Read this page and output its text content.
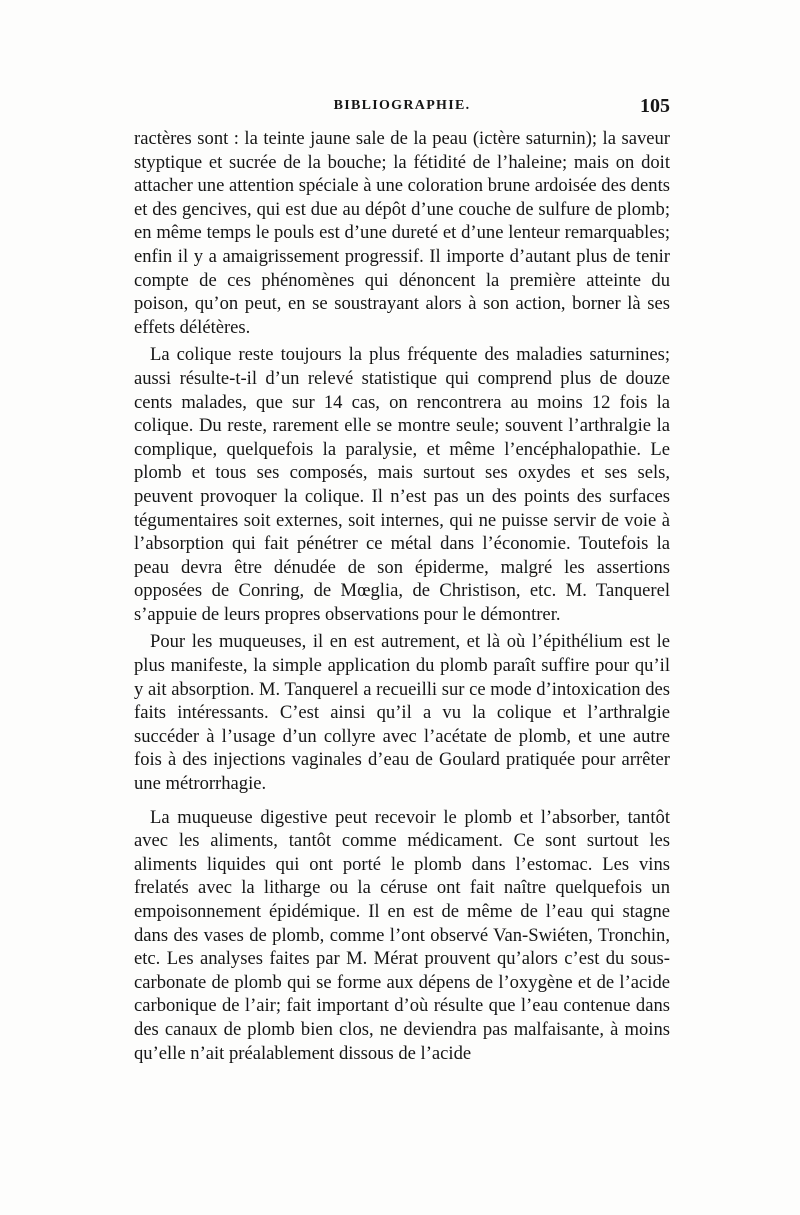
BIBLIOGRAPHIE.	105

ractères sont : la teinte jaune sale de la peau (ictère saturnin); la saveur styptique et sucrée de la bouche; la fétidité de l’haleine; mais on doit attacher une attention spéciale à une coloration brune ardoisée des dents et des gencives, qui est due au dépôt d’une couche de sulfure de plomb; en même temps le pouls est d’une dureté et d’une lenteur remarquables; enfin il y a amaigrissement progressif. Il importe d’autant plus de tenir compte de ces phénomènes qui dénoncent la première atteinte du poison, qu’on peut, en se soustrayant alors à son action, borner là ses effets délétères.

La colique reste toujours la plus fréquente des maladies saturnines; aussi résulte-t-il d’un relevé statistique qui comprend plus de douze cents malades, que sur 14 cas, on rencontrera au moins 12 fois la colique. Du reste, rarement elle se montre seule; souvent l’arthralgie la complique, quelquefois la paralysie, et même l’encéphalopathie. Le plomb et tous ses composés, mais surtout ses oxydes et ses sels, peuvent provoquer la colique. Il n’est pas un des points des surfaces tégumentaires soit externes, soit internes, qui ne puisse servir de voie à l’absorption qui fait pénétrer ce métal dans l’économie. Toutefois la peau devra être dénudée de son épiderme, malgré les assertions opposées de Conring, de Mœglia, de Christison, etc. M. Tanquerel s’appuie de leurs propres observations pour le démontrer.

Pour les muqueuses, il en est autrement, et là où l’épithélium est le plus manifeste, la simple application du plomb paraît suffire pour qu’il y ait absorption. M. Tanquerel a recueilli sur ce mode d’intoxication des faits intéressants. C’est ainsi qu’il a vu la colique et l’arthralgie succéder à l’usage d’un collyre avec l’acétate de plomb, et une autre fois à des injections vaginales d’eau de Goulard pratiquée pour arrêter une métrorrhagie.

La muqueuse digestive peut recevoir le plomb et l’absorber, tantôt avec les aliments, tantôt comme médicament. Ce sont surtout les aliments liquides qui ont porté le plomb dans l’estomac. Les vins frelatés avec la litharge ou la céruse ont fait naître quelquefois un empoisonnement épidémique. Il en est de même de l’eau qui stagne dans des vases de plomb, comme l’ont observé Van-Swiéten, Tronchin, etc. Les analyses faites par M. Mérat prouvent qu’alors c’est du sous-carbonate de plomb qui se forme aux dépens de l’oxygène et de l’acide carbonique de l’air; fait important d’où résulte que l’eau contenue dans des canaux de plomb bien clos, ne deviendra pas malfaisante, à moins qu’elle n’ait préalablement dissous de l’acide
